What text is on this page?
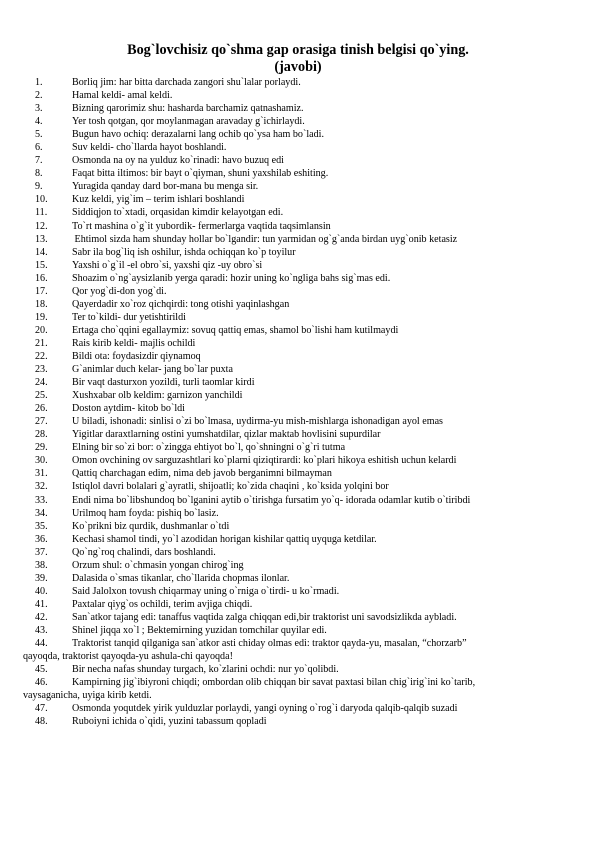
Bog`lovchisiz qo`shma gap orasiga tinish belgisi qo`ying.
(javobi)
1.	Borliq jim: har bitta darchada zangori shu`lalar porlaydi.
2.	Hamal keldi- amal keldi.
3.	Bizning qarorimiz shu: hasharda barchamiz qatnashamiz.
4.	Yer tosh qotgan, qor moylanmagan aravaday g`ichirlaydi.
5.	Bugun havo ochiq: derazalarni lang ochib qo`ysa ham bo`ladi.
6.	Suv keldi- cho`llarda hayot boshlandi.
7.	Osmonda na oy na yulduz ko`rinadi: havo buzuq edi
8.	Faqat bitta iltimos: bir bayt o`qiyman, shuni yaxshilab eshiting.
9.	Yuragida qanday dard bor-mana bu menga sir.
10. Kuz keldi, yig`im – terim ishlari boshlandi
11. Siddiqjon to`xtadi, orqasidan kimdir kelayotgan edi.
12. To`rt mashina o`g`it yubordik- fermerlarga vaqtida taqsimlansin
13. Ehtimol sizda ham shunday hollar bo`lgandir: tun yarmidan og`g`anda birdan uyg`onib ketasiz
14. Sabr ila bog`liq ish oshilur, ishda ochiqqan ko`p toyilur
15. Yaxshi o`g`il -el obro`si, yaxshi qiz -uy obro`si
16. Shoazim o`ng`aysizlanib yerga qaradi: hozir uning ko`ngliga bahs sig`mas edi.
17. Qor yog`di-don yog`di.
18. Qayerdadir xo`roz qichqirdi: tong otishi yaqinlashgan
19. Ter to`kildi- dur yetishtirildi
20. Ertaga cho`qqini egallaymiz: sovuq qattiq emas, shamol bo`lishi ham kutilmaydi
21. Rais kirib keldi- majlis ochildi
22. Bildi ota: foydasizdir qiynamoq
23. G`animlar duch kelar- jang bo`lar puxta
24. Bir vaqt dasturxon yozildi, turli taomlar kirdi
25. Xushxabar olb keldim: garnizon yanchildi
26. Doston aytdim- kitob bo`ldi
27. U biladi, ishonadi: sinlisi o`zi bo`lmasa, uydirma-yu mish-mishlarga ishonadigan ayol emas
28. Yigitlar daraxtlarning ostini yumshatdilar, qizlar maktab hovlisini supurdilar
29. Elning bir so`zi bor: o`zingga ehtiyot bo`l, qo`shningni o`g`ri tutma
30. Omon ovchining ov sarguzashtlari ko`plarni qiziqtirardi: ko`plari hikoya eshitish uchun kelardi
31. Qattiq charchagan edim, nima deb javob berganimni bilmayman
32. Istiqlol davri bolalari g`ayratli, shijoatli; ko`zida chaqini , ko`ksida yolqini bor
33. Endi nima bo`libshundoq bo`lganini aytib o`tirishga fursatim yo`q- idorada odamlar kutib o`tiribdi
34. Urilmoq ham foyda: pishiq bo`lasiz.
35. Ko`prikni biz qurdik, dushmanlar o`tdi
36. Kechasi shamol tindi, yo`l azodidan horigan kishilar qattiq uyquga ketdilar.
37. Qo`ng`roq chalindi, dars boshlandi.
38. Orzum shul: o`chmasin yongan chirog`ing
39. Dalasida o`smas tikanlar, cho`llarida chopmas ilonlar.
40. Said Jalolxon tovush chiqarmay uning o`rniga o`tirdi- u ko`rmadi.
41. Paxtalar qiyg`os ochildi, terim avjiga chiqdi.
42. San`atkor tajang edi: tanaffus vaqtida zalga chiqqan edi,bir traktorist uni savodsizlikda aybladi.
43. Shinel jiqqa xo`l ; Bektemirning yuzidan tomchilar quyilar edi.
44. Traktorist tanqid qilganiga san`atkor asti chiday olmas edi: traktor qayda-yu, masalan, “chorzarb”
qayoqda, traktorist qayoqda-yu ashula-chi qayoqda!
45. Bir necha nafas shunday turgach, ko`zlarini ochdi: nur yo`qolibdi.
46. Kampirning jig`ibiyroni chiqdi; ombordan olib chiqqan bir savat paxtasi bilan chig`irig`ini ko`tarib,
vaysaganicha, uyiga kirib ketdi.
47. Osmonda yoqutdek yirik yulduzlar porlaydi, yangi oyning o`rog`i daryoda qalqib-qalqib suzadi
48. Ruboiyni ichida o`qidi, yuzini tabassum qopladi
